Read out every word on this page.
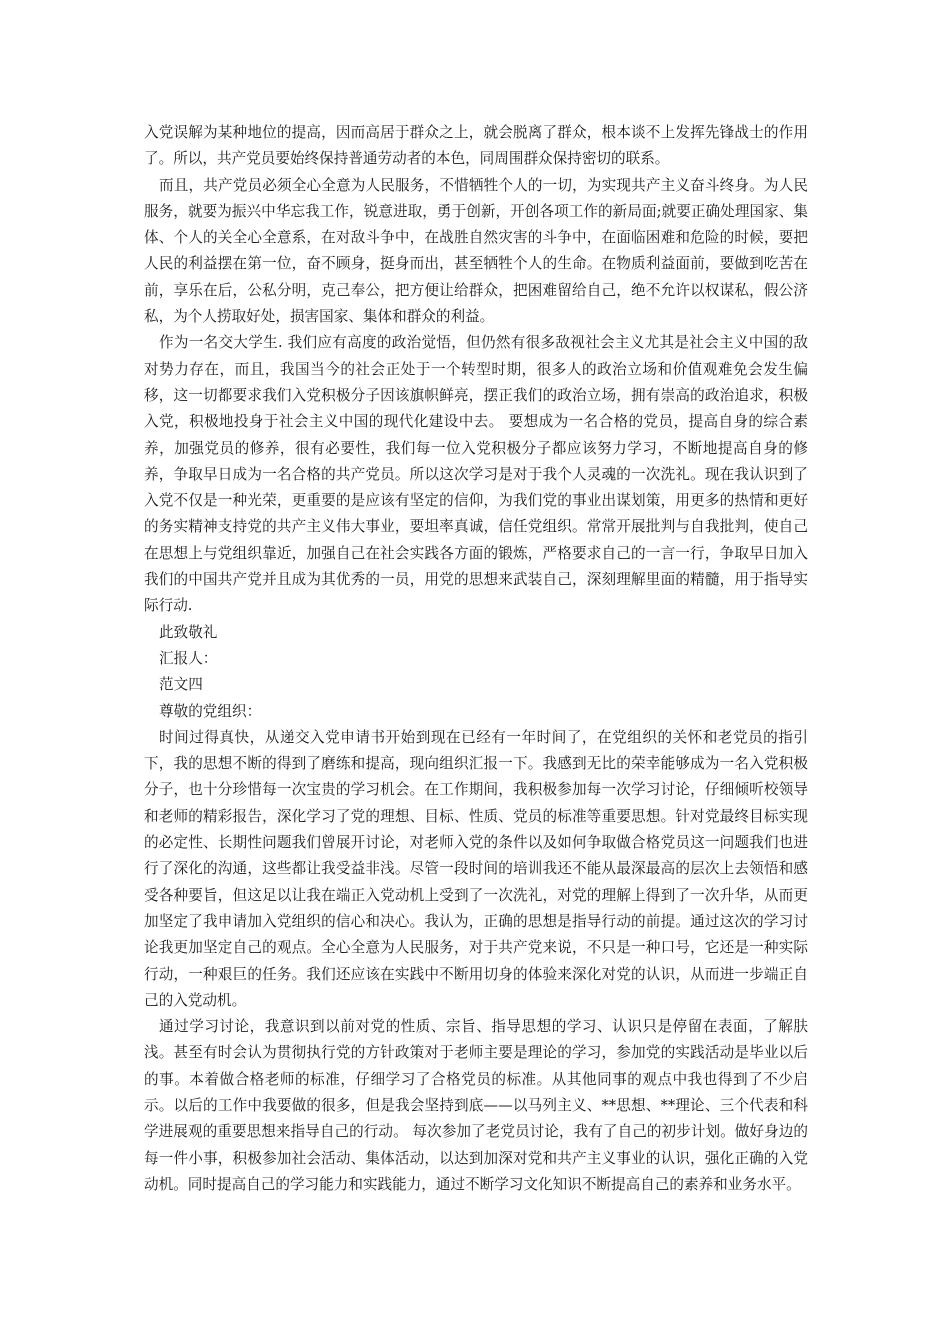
入党误解为某种地位的提高，因而高居于群众之上，就会脱离了群众，根本谈不上发挥先锋战士的作用了。所以，共产党员要始终保持普通劳动者的本色，同周围群众保持密切的联系。

而且，共产党员必须全心全意为人民服务，不惜牺牲个人的一切，为实现共产主义奋斗终身。为人民服务，就要为振兴中华忘我工作，锐意进取，勇于创新，开创各项工作的新局面;就要正确处理国家、集体、个人的关全心全意系，在对敌斗争中，在战胜自然灾害的斗争中，在面临困难和危险的时候，要把人民的利益摆在第一位，奋不顾身，挺身而出，甚至牺牲个人的生命。在物质利益面前，要做到吃苦在前，享乐在后，公私分明，克己奉公，把方便让给群众，把困难留给自己，绝不允许以权谋私，假公济私，为个人捞取好处，损害国家、集体和群众的利益。

作为一名交大学生. 我们应有高度的政治觉悟，但仍然有很多敌视社会主义尤其是社会主义中国的敌对势力存在，而且，我国当今的社会正处于一个转型时期，很多人的政治立场和价值观难免会发生偏移，这一切都要求我们入党积极分子因该旗帜鲜亮，摆正我们的政治立场，拥有崇高的政治追求，积极入党，积极地投身于社会主义中国的现代化建设中去。 要想成为一名合格的党员，提高自身的综合素养，加强党员的修养，很有必要性，我们每一位入党积极分子都应该努力学习，不断地提高自身的修养，争取早日成为一名合格的共产党员。所以这次学习是对于我个人灵魂的一次洗礼。现在我认识到了入党不仅是一种光荣，更重要的是应该有坚定的信仰，为我们党的事业出谋划策，用更多的热情和更好的务实精神支持党的共产主义伟大事业，要坦率真诚，信任党组织。常常开展批判与自我批判，使自己在思想上与党组织靠近，加强自己在社会实践各方面的锻炼，严格要求自己的一言一行，争取早日加入我们的中国共产党并且成为其优秀的一员，用党的思想来武装自己，深刻理解里面的精髓，用于指导实际行动.

此致敬礼

汇报人：

范文四

尊敬的党组织：

时间过得真快，从递交入党申请书开始到现在已经有一年时间了，在党组织的关怀和老党员的指引下，我的思想不断的得到了磨练和提高，现向组织汇报一下。我感到无比的荣幸能够成为一名入党积极分子，也十分珍惜每一次宝贵的学习机会。在工作期间，我积极参加每一次学习讨论，仔细倾听校领导和老师的精彩报告，深化学习了党的理想、目标、性质、党员的标准等重要思想。针对党最终目标实现的必定性、长期性问题我们曾展开讨论，对老师入党的条件以及如何争取做合格党员这一问题我们也进行了深化的沟通，这些都让我受益非浅。尽管一段时间的培训我还不能从最深最高的层次上去领悟和感受各种要旨，但这足以让我在端正入党动机上受到了一次洗礼，对党的理解上得到了一次升华，从而更加坚定了我申请加入党组织的信心和决心。我认为，正确的思想是指导行动的前提。通过这次的学习讨论我更加坚定自己的观点。全心全意为人民服务，对于共产党来说，不只是一种口号，它还是一种实际行动，一种艰巨的任务。我们还应该在实践中不断用切身的体验来深化对党的认识，从而进一步端正自己的入党动机。

通过学习讨论，我意识到以前对党的性质、宗旨、指导思想的学习、认识只是停留在表面，了解肤浅。甚至有时会认为贯彻执行党的方针政策对于老师主要是理论的学习，参加党的实践活动是毕业以后的事。本着做合格老师的标准，仔细学习了合格党员的标准。从其他同事的观点中我也得到了不少启示。以后的工作中我要做的很多，但是我会坚持到底——以马列主义、**思想、**理论、三个代表和科学进展观的重要思想来指导自己的行动。 每次参加了老党员讨论，我有了自己的初步计划。做好身边的每一件小事，积极参加社会活动、集体活动，以达到加深对党和共产主义事业的认识，强化正确的入党动机。同时提高自己的学习能力和实践能力，通过不断学习文化知识不断提高自己的素养和业务水平。
